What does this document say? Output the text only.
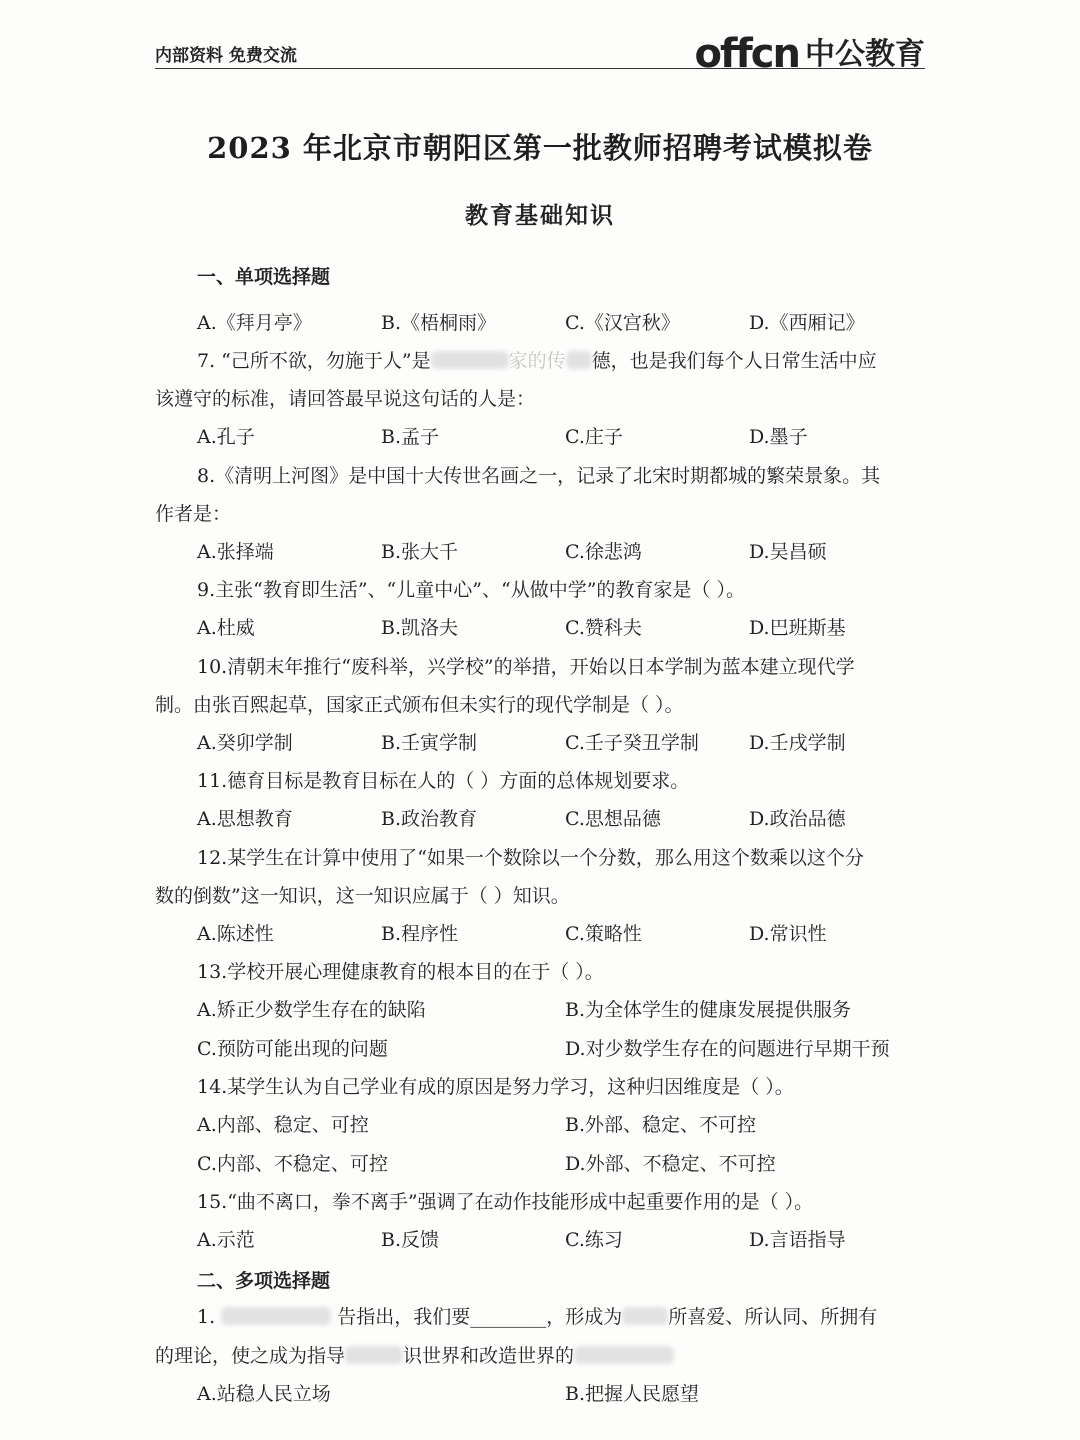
内部资料 免费交流	offcn 中公教育
2023 年北京市朝阳区第一批教师招聘考试模拟卷
教育基础知识
一、单项选择题
A.《拜月亭》	B.《梧桐雨》	C.《汉宫秋》	D.《西厢记》
7. “己所不欲，勿施于人”是	家的传 德，也是我们每个人日常生活中应
该遵守的标准，请回答最早说这句话的人是：
A.孔子	B.孟子	C.庄子	D.墨子
8.《清明上河图》是中国十大传世名画之一，记录了北宋时期都城的繁荣景象。其
作者是：
A.张择端	B.张大千	C.徐悲鸿	D.吴昌硕
9.主张“教育即生活”、“儿童中心”、“从做中学”的教育家是（ ）。
A.杜威	B.凯洛夫	C.赞科夫	D.巴班斯基
10.清朝末年推行“废科举，兴学校”的举措，开始以日本学制为蓝本建立现代学
制。由张百熙起草，国家正式颁布但未实行的现代学制是（ ）。
A.癸卯学制	B.壬寅学制	C.壬子癸丑学制	D.壬戌学制
11.德育目标是教育目标在人的（ ）方面的总体规划要求。
A.思想教育	B.政治教育	C.思想品德	D.政治品德
12.某学生在计算中使用了“如果一个数除以一个分数，那么用这个数乘以这个分
数的倒数”这一知识，这一知识应属于（ ）知识。
A.陈述性	B.程序性	C.策略性	D.常识性
13.学校开展心理健康教育的根本目的在于（ ）。
A.矫正少数学生存在的缺陷	B.为全体学生的健康发展提供服务
C.预防可能出现的问题	D.对少数学生存在的问题进行早期干预
14.某学生认为自己学业有成的原因是努力学习，这种归因维度是（ ）。
A.内部、稳定、可控	B.外部、稳定、不可控
C.内部、不稳定、可控	D.外部、不稳定、不可控
15.“曲不离口，拳不离手”强调了在动作技能形成中起重要作用的是（ ）。
A.示范	B.反馈	C.练习	D.言语指导
二、多项选择题
1.	告指出，我们要________，形成为 所喜爱、所认同、所拥有
的理论，使之成为指导	识世界和改造世界的
A.站稳人民立场	B.把握人民愿望
